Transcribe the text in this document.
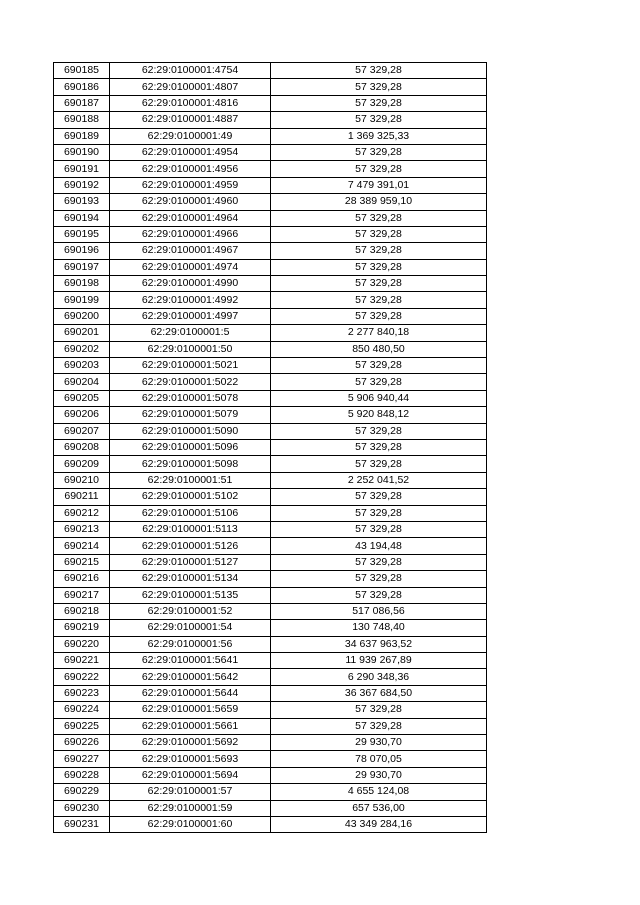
690185	62:29:0100001:4754	57 329,28
690186	62:29:0100001:4807	57 329,28
690187	62:29:0100001:4816	57 329,28
690188	62:29:0100001:4887	57 329,28
690189	62:29:0100001:49	1 369 325,33
690190	62:29:0100001:4954	57 329,28
690191	62:29:0100001:4956	57 329,28
690192	62:29:0100001:4959	7 479 391,01
690193	62:29:0100001:4960	28 389 959,10
690194	62:29:0100001:4964	57 329,28
690195	62:29:0100001:4966	57 329,28
690196	62:29:0100001:4967	57 329,28
690197	62:29:0100001:4974	57 329,28
690198	62:29:0100001:4990	57 329,28
690199	62:29:0100001:4992	57 329,28
690200	62:29:0100001:4997	57 329,28
690201	62:29:0100001:5	2 277 840,18
690202	62:29:0100001:50	850 480,50
690203	62:29:0100001:5021	57 329,28
690204	62:29:0100001:5022	57 329,28
690205	62:29:0100001:5078	5 906 940,44
690206	62:29:0100001:5079	5 920 848,12
690207	62:29:0100001:5090	57 329,28
690208	62:29:0100001:5096	57 329,28
690209	62:29:0100001:5098	57 329,28
690210	62:29:0100001:51	2 252 041,52
690211	62:29:0100001:5102	57 329,28
690212	62:29:0100001:5106	57 329,28
690213	62:29:0100001:5113	57 329,28
690214	62:29:0100001:5126	43 194,48
690215	62:29:0100001:5127	57 329,28
690216	62:29:0100001:5134	57 329,28
690217	62:29:0100001:5135	57 329,28
690218	62:29:0100001:52	517 086,56
690219	62:29:0100001:54	130 748,40
690220	62:29:0100001:56	34 637 963,52
690221	62:29:0100001:5641	11 939 267,89
690222	62:29:0100001:5642	6 290 348,36
690223	62:29:0100001:5644	36 367 684,50
690224	62:29:0100001:5659	57 329,28
690225	62:29:0100001:5661	57 329,28
690226	62:29:0100001:5692	29 930,70
690227	62:29:0100001:5693	78 070,05
690228	62:29:0100001:5694	29 930,70
690229	62:29:0100001:57	4 655 124,08
690230	62:29:0100001:59	657 536,00
690231	62:29:0100001:60	43 349 284,16
